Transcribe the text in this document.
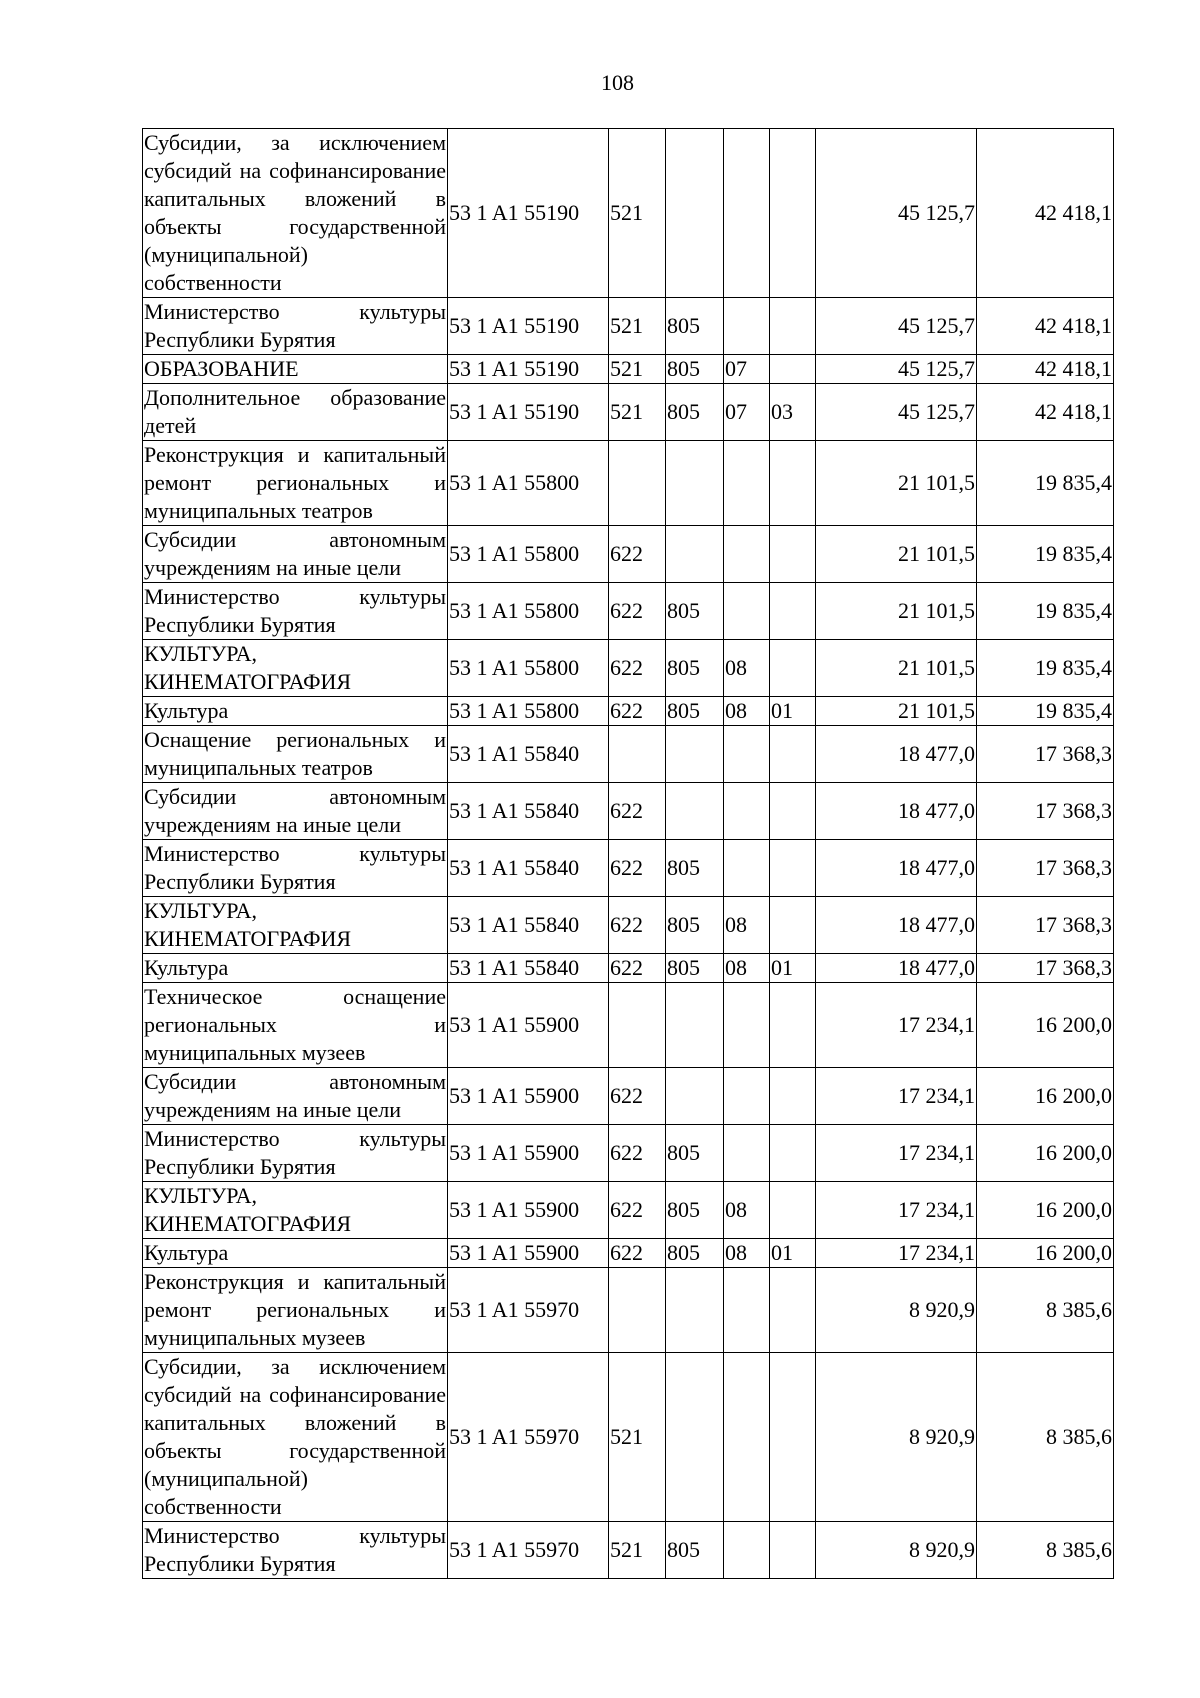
108
Субсидии, за исключением субсидий на софинансирование капитальных вложений в объекты государственной (муниципальной) собственности	53 1 A1 55190	521				45 125,7	42 418,1
Министерство культуры Республики Бурятия	53 1 A1 55190	521	805			45 125,7	42 418,1
ОБРАЗОВАНИЕ	53 1 A1 55190	521	805	07		45 125,7	42 418,1
Дополнительное образование детей	53 1 A1 55190	521	805	07	03	45 125,7	42 418,1
Реконструкция и капитальный ремонт региональных и муниципальных театров	53 1 A1 55800					21 101,5	19 835,4
Субсидии автономным учреждениям на иные цели	53 1 A1 55800	622				21 101,5	19 835,4
Министерство культуры Республики Бурятия	53 1 A1 55800	622	805			21 101,5	19 835,4
КУЛЬТУРА, КИНЕМАТОГРАФИЯ	53 1 A1 55800	622	805	08		21 101,5	19 835,4
Культура	53 1 A1 55800	622	805	08	01	21 101,5	19 835,4
Оснащение региональных и муниципальных театров	53 1 A1 55840					18 477,0	17 368,3
Субсидии автономным учреждениям на иные цели	53 1 A1 55840	622				18 477,0	17 368,3
Министерство культуры Республики Бурятия	53 1 A1 55840	622	805			18 477,0	17 368,3
КУЛЬТУРА, КИНЕМАТОГРАФИЯ	53 1 A1 55840	622	805	08		18 477,0	17 368,3
Культура	53 1 A1 55840	622	805	08	01	18 477,0	17 368,3
Техническое оснащение региональных и муниципальных музеев	53 1 A1 55900					17 234,1	16 200,0
Субсидии автономным учреждениям на иные цели	53 1 A1 55900	622				17 234,1	16 200,0
Министерство культуры Республики Бурятия	53 1 A1 55900	622	805			17 234,1	16 200,0
КУЛЬТУРА, КИНЕМАТОГРАФИЯ	53 1 A1 55900	622	805	08		17 234,1	16 200,0
Культура	53 1 A1 55900	622	805	08	01	17 234,1	16 200,0
Реконструкция и капитальный ремонт региональных и муниципальных музеев	53 1 A1 55970					8 920,9	8 385,6
Субсидии, за исключением субсидий на софинансирование капитальных вложений в объекты государственной (муниципальной) собственности	53 1 A1 55970	521				8 920,9	8 385,6
Министерство культуры Республики Бурятия	53 1 A1 55970	521	805			8 920,9	8 385,6
